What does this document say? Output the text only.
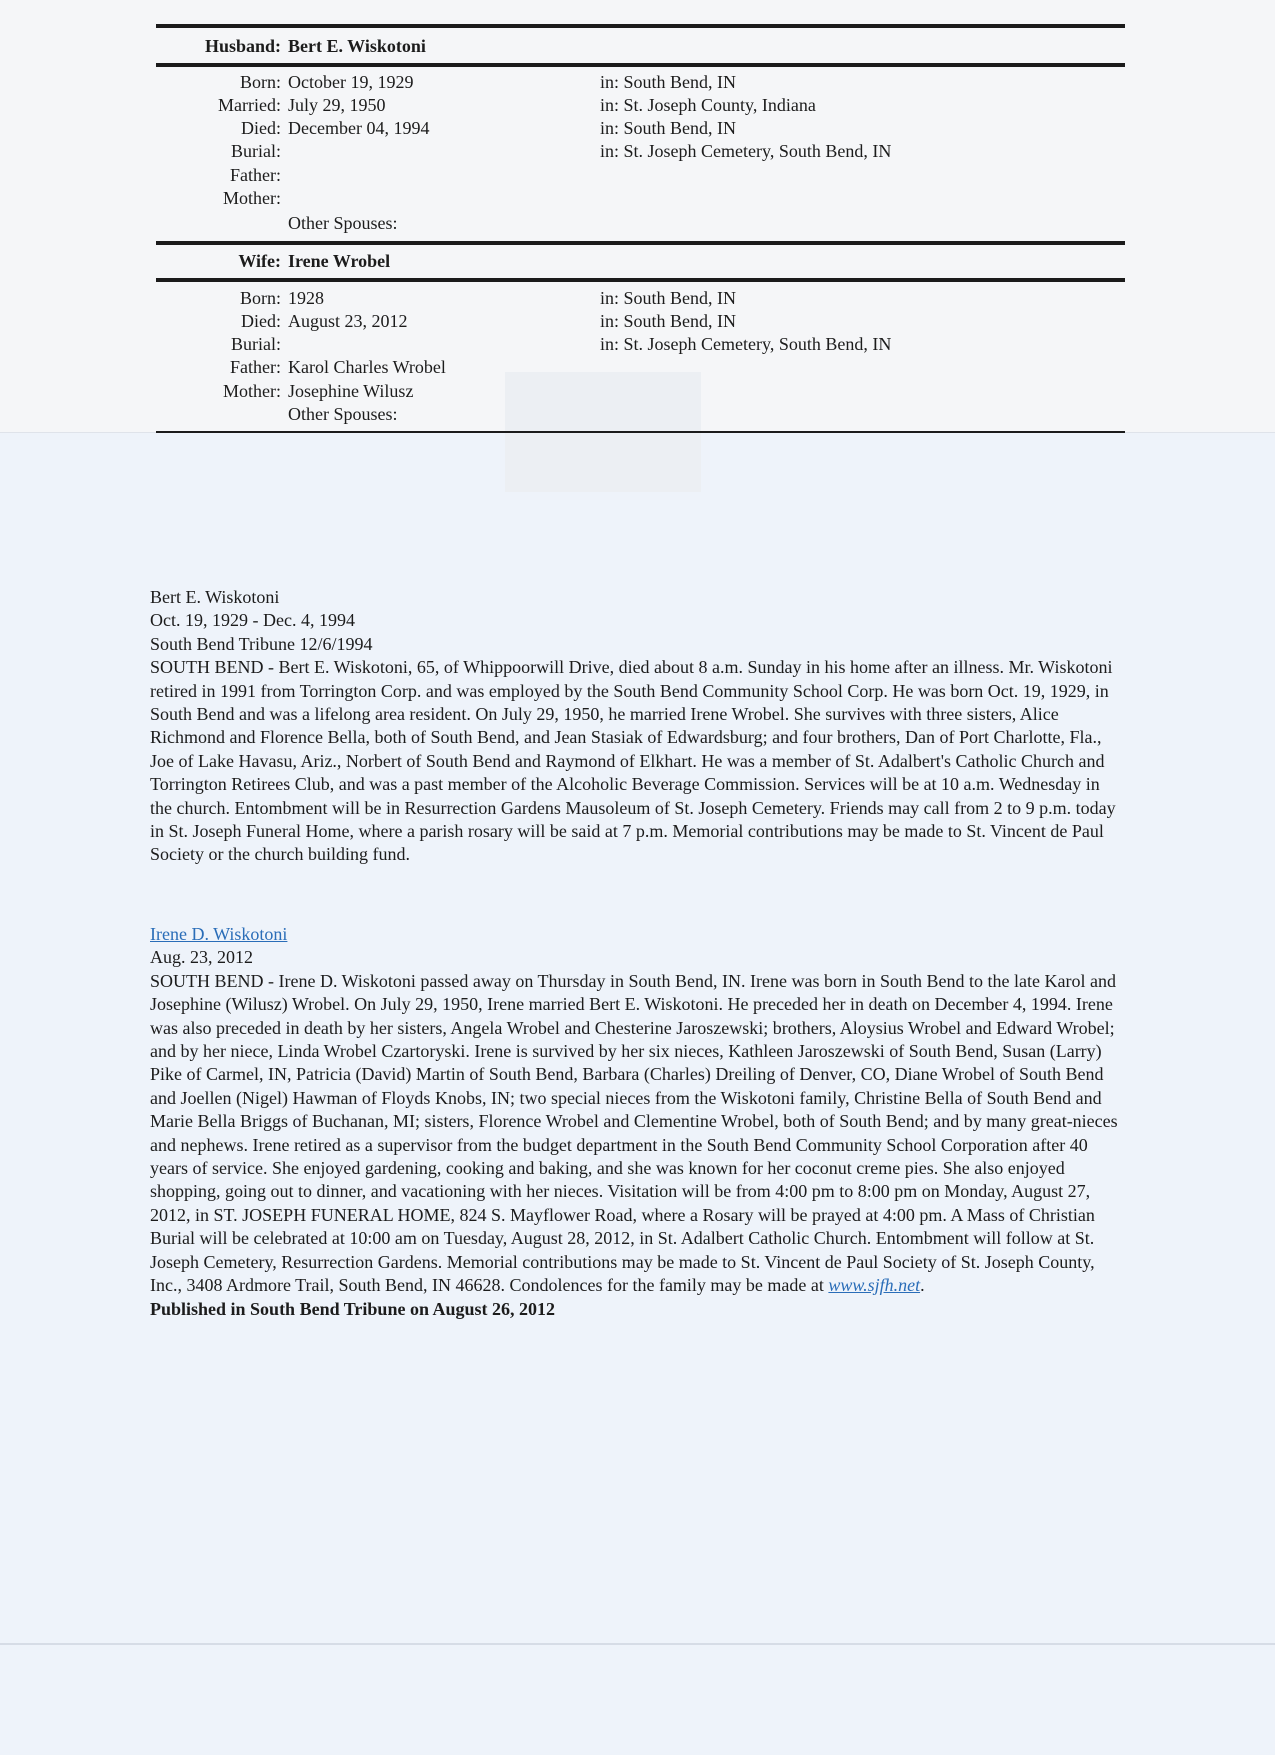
Husband: Bert E. Wiskotoni
Born: October 19, 1929	in: South Bend, IN
Married: July 29, 1950	in: St. Joseph County, Indiana
Died: December 04, 1994	in: South Bend, IN
Burial:	in: St. Joseph Cemetery, South Bend, IN
Father:
Mother:
Other Spouses:
Wife: Irene Wrobel
Born: 1928	in: South Bend, IN
Died: August 23, 2012	in: South Bend, IN
Burial:	in: St. Joseph Cemetery, South Bend, IN
Father: Karol Charles Wrobel
Mother: Josephine Wilusz
Other Spouses:

Bert E. Wiskotoni

Oct. 19, 1929 - Dec. 4, 1994

South Bend Tribune 12/6/1994

SOUTH BEND - Bert E. Wiskotoni, 65, of Whippoorwill Drive, died about 8 a.m. Sunday in his home after an illness. Mr. Wiskotoni retired in 1991 from Torrington Corp. and was employed by the South Bend Community School Corp. He was born Oct. 19, 1929, in South Bend and was a lifelong area resident. On July 29, 1950, he married Irene Wrobel. She survives with three sisters, Alice Richmond and Florence Bella, both of South Bend, and Jean Stasiak of Edwardsburg; and four brothers, Dan of Port Charlotte, Fla., Joe of Lake Havasu, Ariz., Norbert of South Bend and Raymond of Elkhart. He was a member of St. Adalbert's Catholic Church and Torrington Retirees Club, and was a past member of the Alcoholic Beverage Commission. Services will be at 10 a.m. Wednesday in the church. Entombment will be in Resurrection Gardens Mausoleum of St. Joseph Cemetery. Friends may call from 2 to 9 p.m. today in St. Joseph Funeral Home, where a parish rosary will be said at 7 p.m. Memorial contributions may be made to St. Vincent de Paul Society or the church building fund.

Irene D. Wiskotoni

Aug. 23, 2012

SOUTH BEND - Irene D. Wiskotoni passed away on Thursday in South Bend, IN. Irene was born in South Bend to the late Karol and Josephine (Wilusz) Wrobel. On July 29, 1950, Irene married Bert E. Wiskotoni. He preceded her in death on December 4, 1994. Irene was also preceded in death by her sisters, Angela Wrobel and Chesterine Jaroszewski; brothers, Aloysius Wrobel and Edward Wrobel; and by her niece, Linda Wrobel Czartoryski. Irene is survived by her six nieces, Kathleen Jaroszewski of South Bend, Susan (Larry) Pike of Carmel, IN, Patricia (David) Martin of South Bend, Barbara (Charles) Dreiling of Denver, CO, Diane Wrobel of South Bend and Joellen (Nigel) Hawman of Floyds Knobs, IN; two special nieces from the Wiskotoni family, Christine Bella of South Bend and Marie Bella Briggs of Buchanan, MI; sisters, Florence Wrobel and Clementine Wrobel, both of South Bend; and by many great-nieces and nephews. Irene retired as a supervisor from the budget department in the South Bend Community School Corporation after 40 years of service. She enjoyed gardening, cooking and baking, and she was known for her coconut creme pies. She also enjoyed shopping, going out to dinner, and vacationing with her nieces. Visitation will be from 4:00 pm to 8:00 pm on Monday, August 27, 2012, in ST. JOSEPH FUNERAL HOME, 824 S. Mayflower Road, where a Rosary will be prayed at 4:00 pm. A Mass of Christian Burial will be celebrated at 10:00 am on Tuesday, August 28, 2012, in St. Adalbert Catholic Church. Entombment will follow at St. Joseph Cemetery, Resurrection Gardens. Memorial contributions may be made to St. Vincent de Paul Society of St. Joseph County, Inc., 3408 Ardmore Trail, South Bend, IN 46628. Condolences for the family may be made at www.sjfh.net.

Published in South Bend Tribune on August 26, 2012
